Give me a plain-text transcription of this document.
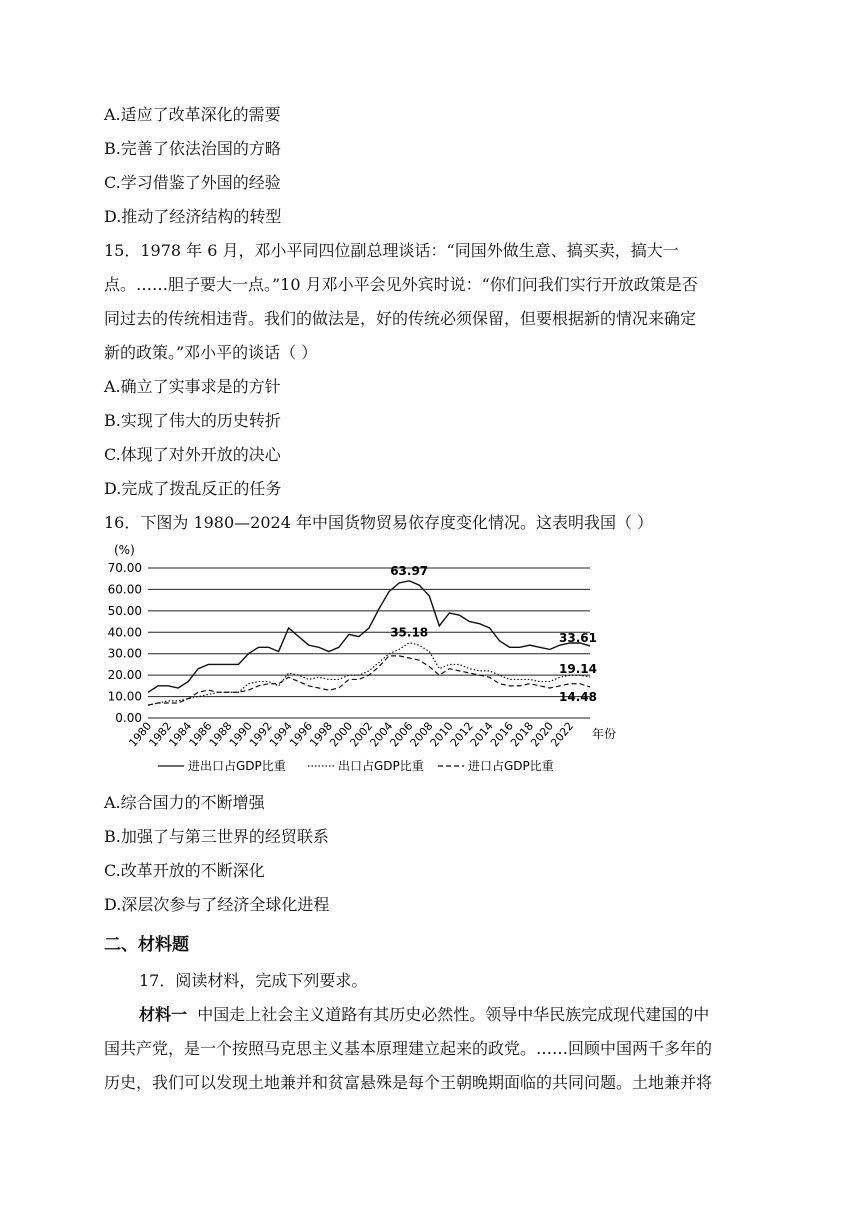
A.适应了改革深化的需要
B.完善了依法治国的方略
C.学习借鉴了外国的经验
D.推动了经济结构的转型
15．1978 年 6 月，邓小平同四位副总理谈话：“同国外做生意、搞买卖，搞大一
点。……胆子要大一点。”10 月邓小平会见外宾时说：“你们问我们实行开放政策是否
同过去的传统相违背。我们的做法是，好的传统必须保留，但要根据新的情况来确定
新的政策。”邓小平的谈话（ ）
A.确立了实事求是的方针
B.实现了伟大的历史转折
C.体现了对外开放的决心
D.完成了拨乱反正的任务
16．下图为 1980—2024 年中国货物贸易依存度变化情况。这表明我国（ ）
70.00
60.00
50.00
40.00
30.00
20.00
10.00
0.00
1980
1982
1984
1986
1988
1990
1992
1994
1996
1998
2000
2002
2004
2006
2008
2010
2012
2014
2016
2018
2020
2022
63.97
35.18	33.61
19.14
14.48
(%)
年份
进出口占GDP比重	出口占GDP比重	进口占GDP比重
A.综合国力的不断增强
B.加强了与第三世界的经贸联系
C.改革开放的不断深化
D.深层次参与了经济全球化进程
二、材料题
17．阅读材料，完成下列要求。
材料一 中国走上社会主义道路有其历史必然性。领导中华民族完成现代建国的中
国共产党，是一个按照马克思主义基本原理建立起来的政党。……回顾中国两千多年的
历史，我们可以发现土地兼并和贫富悬殊是每个王朝晚期面临的共同问题。土地兼并将
